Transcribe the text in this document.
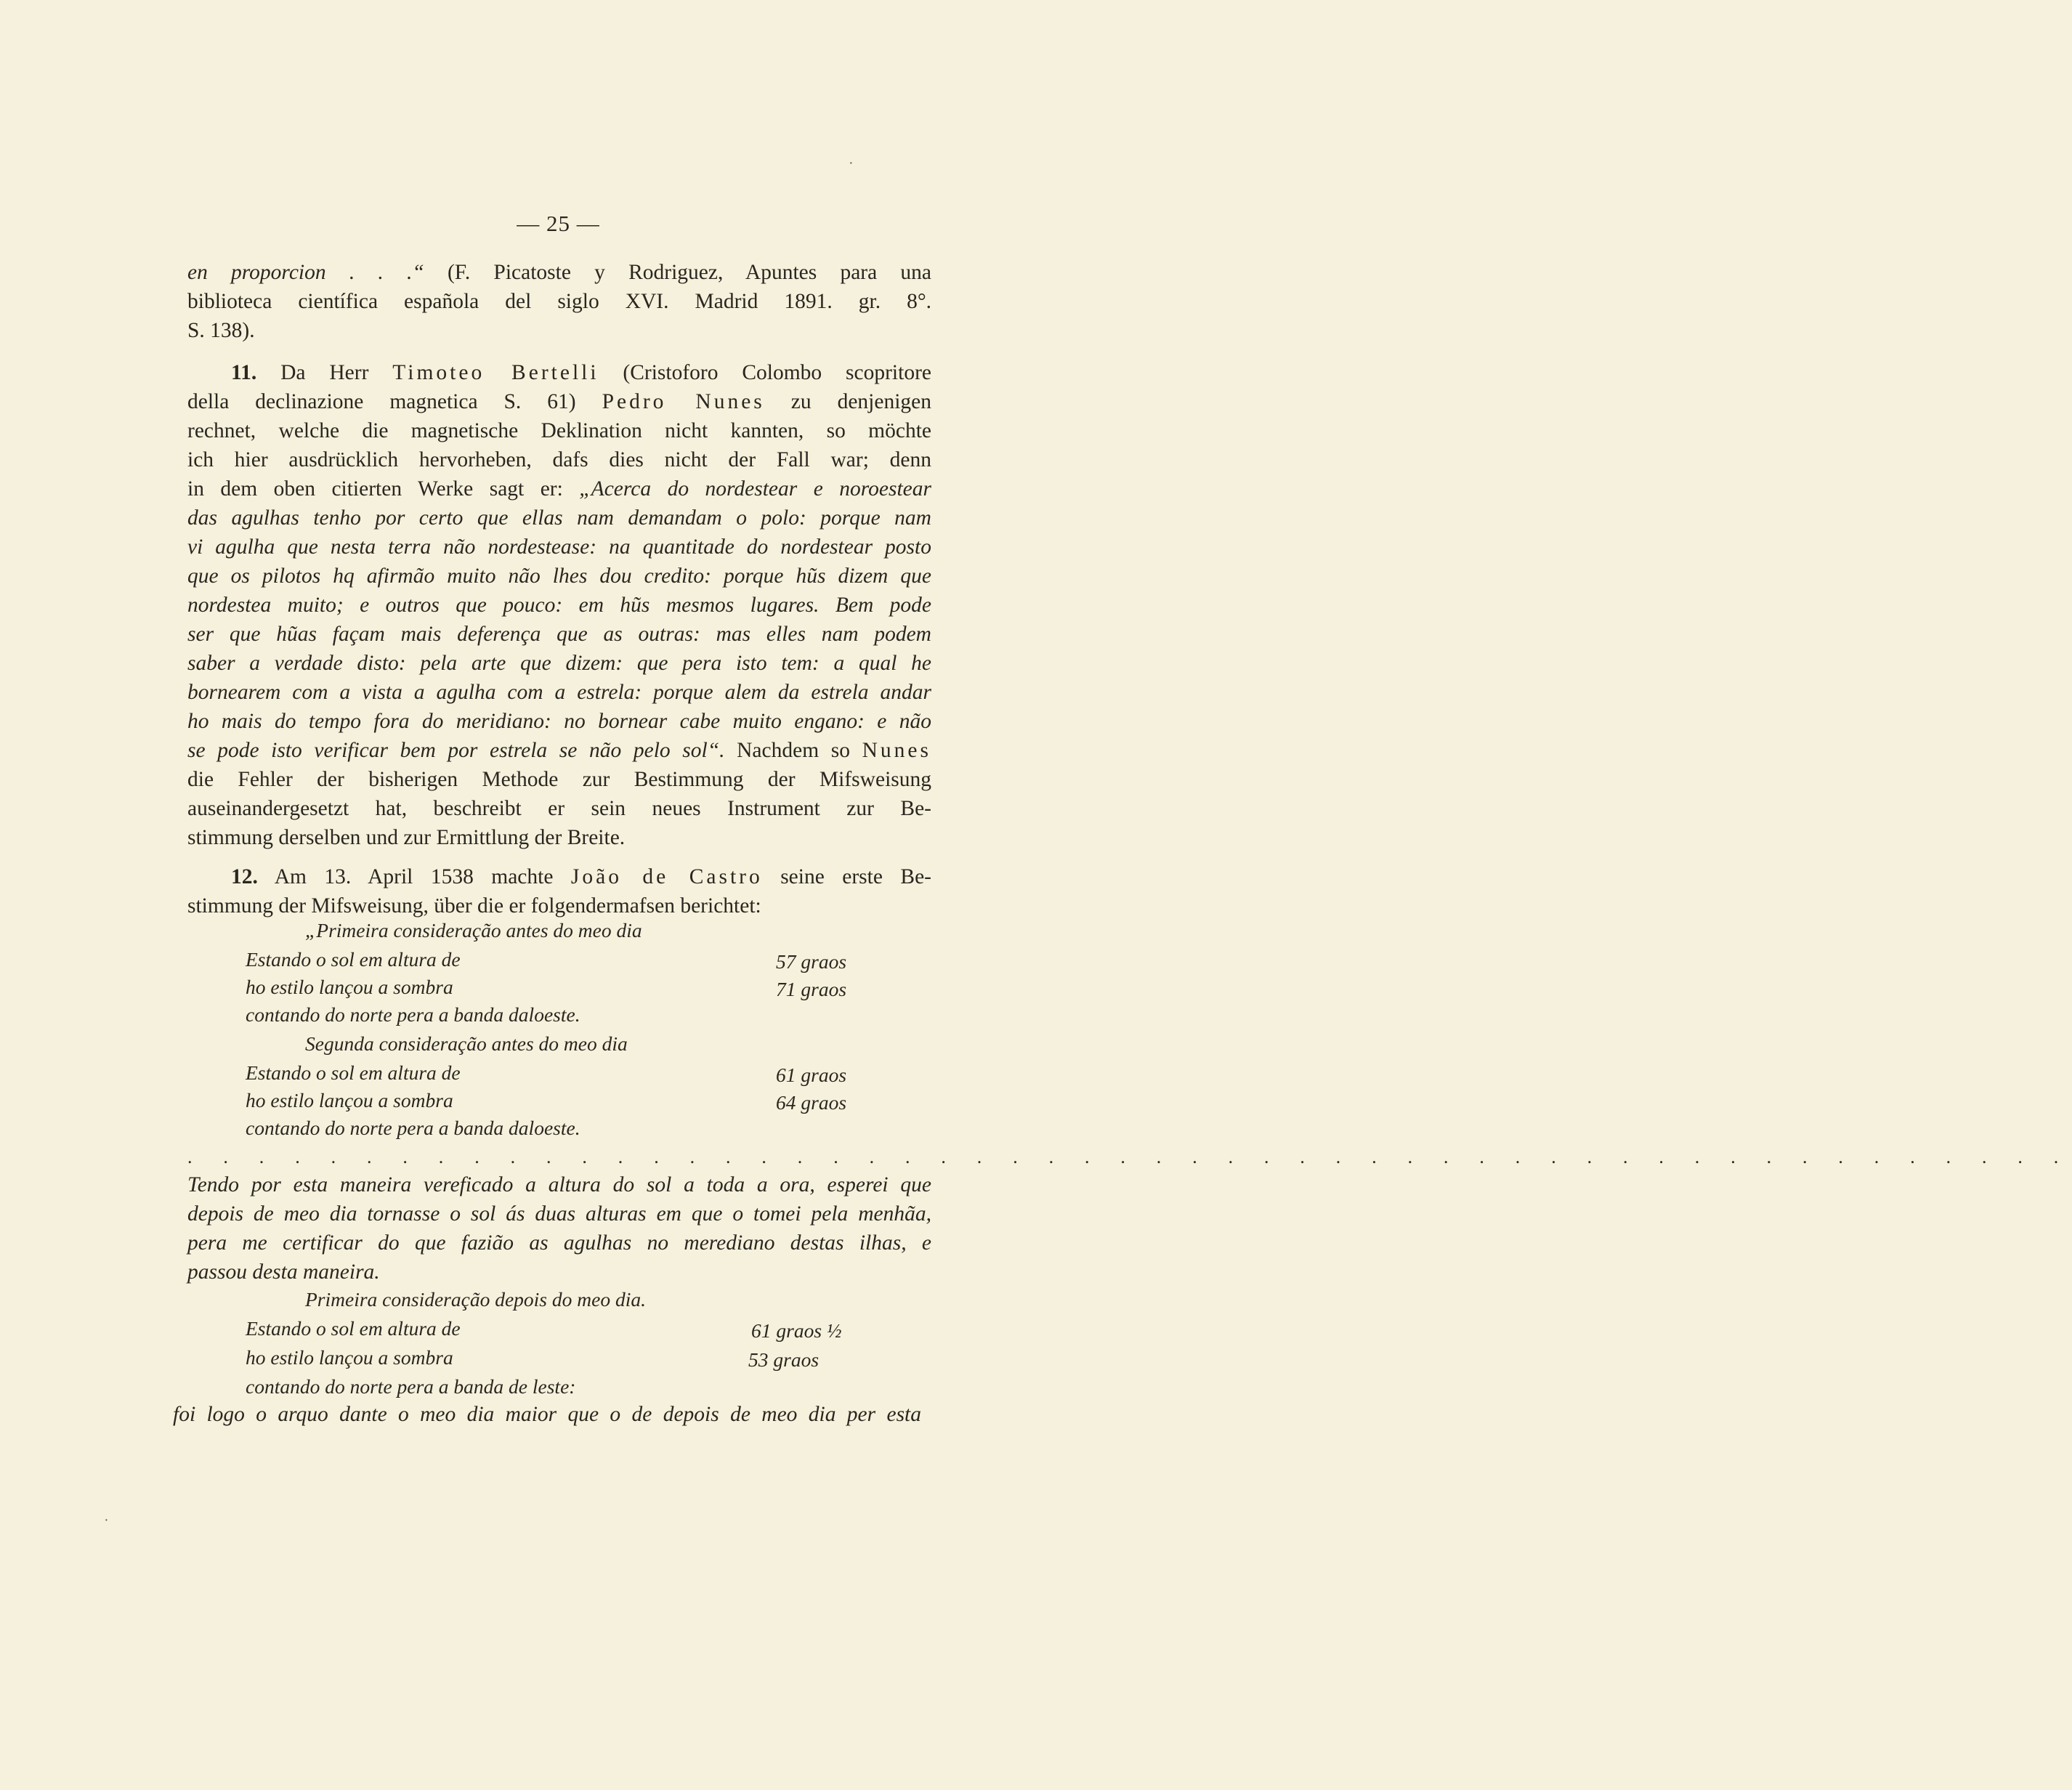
·
·
— 25 —
en proporcion . . .“ (F. Picatoste y Rodriguez, Apuntes para una
biblioteca científica española del siglo XVI. Madrid 1891. gr. 8°.
S. 138).
11. Da Herr Timoteo Bertelli (Cristoforo Colombo scopritore
della declinazione magnetica S. 61) Pedro Nunes zu denjenigen
rechnet, welche die magnetische Deklination nicht kannten, so möchte
ich hier ausdrücklich hervorheben, dafs dies nicht der Fall war; denn
in dem oben citierten Werke sagt er: „Acerca do nordestear e noroestear
das agulhas tenho por certo que ellas nam demandam o polo: porque nam
vi agulha que nesta terra não nordestease: na quantitade do nordestear posto
que os pilotos hq afirmão muito não lhes dou credito: porque hũs dizem que
nordestea muito; e outros que pouco: em hũs mesmos lugares. Bem pode
ser que hũas façam mais deferença que as outras: mas elles nam podem
saber a verdade disto: pela arte que dizem: que pera isto tem: a qual he
bornearem com a vista a agulha com a estrela: porque alem da estrela andar
ho mais do tempo fora do meridiano: no bornear cabe muito engano: e não
se pode isto verificar bem por estrela se não pelo sol“. Nachdem so Nunes
die Fehler der bisherigen Methode zur Bestimmung der Mifsweisung
auseinandergesetzt hat, beschreibt er sein neues Instrument zur Be-
stimmung derselben und zur Ermittlung der Breite.
12. Am 13. April 1538 machte João de Castro seine erste Be-
stimmung der Mifsweisung, über die er folgendermafsen berichtet:
„Primeira consideração antes do meo dia
Estando o sol em altura de	57 graos
ho estilo lançou a sombra	71 graos
contando do norte pera a banda daloeste.
Segunda consideração antes do meo dia
Estando o sol em altura de	61 graos
ho estilo lançou a sombra	64 graos
contando do norte pera a banda daloeste.
. . . . . . . . . . . . . . . . . . . . . . . . . . . . . . . . . . . . . . . . . . . . . . . . . . . . .
Tendo por esta maneira vereficado a altura do sol a toda a ora, esperei que
depois de meo dia tornasse o sol ás duas alturas em que o tomei pela menhãa,
pera me certificar do que fazião as agulhas no merediano destas ilhas, e
passou desta maneira.
Primeira consideração depois do meo dia.
Estando o sol em altura de	61 graos ½
ho estilo lançou a sombra	53 graos
contando do norte pera a banda de leste:
foi logo o arquo dante o meo dia maior que o de depois de meo dia per esta
